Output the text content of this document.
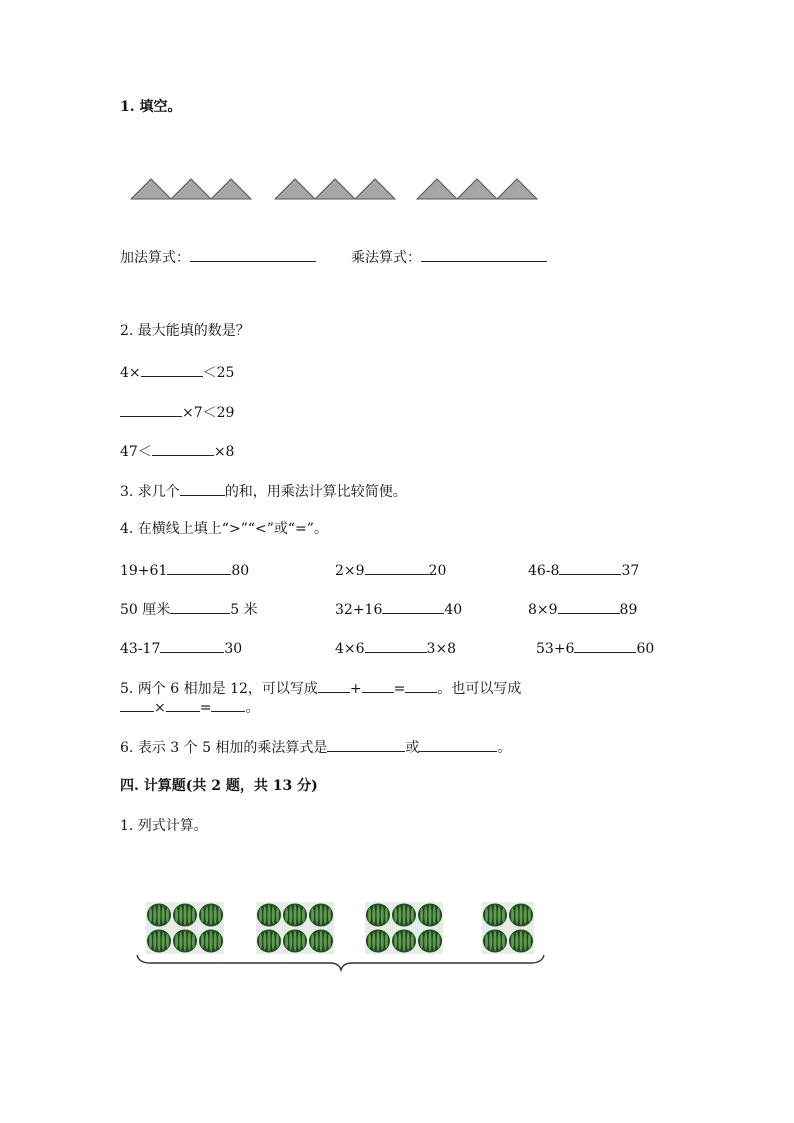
1. 填空。
加法算式：	乘法算式：
2. 最大能填的数是？
4×	＜25
×7＜29
47＜	×8
3. 求几个	的和，用乘法计算比较简便。
4. 在横线上填上“>”“<”或“=”。
19+61	80	2×9	20	46-8	37
50 厘米	5 米	32+16	40	8×9	89
43-17	30	4×6	3×8	53+6	60
5. 两个 6 相加是 12，可以写成 + = 。也可以写成
× = 。
6. 表示 3 个 5 相加的乘法算式是	或	。
四. 计算题(共 2 题，共 13 分)
1. 列式计算。
